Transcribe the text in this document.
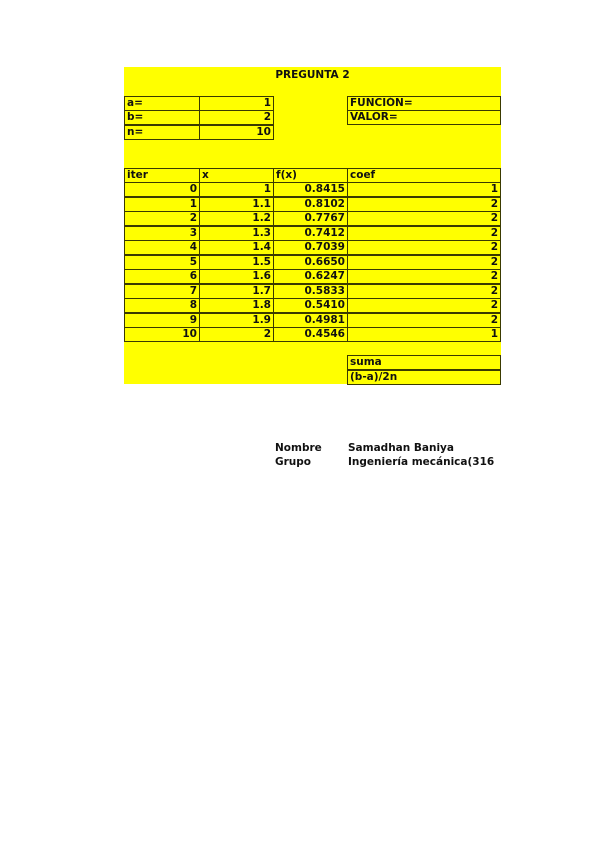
PREGUNTA 2
a=	1
b=	2
n=	10
FUNCIÓN=
VALOR=
iter	x	f(x)	coef
0	1	0.8415	1
1	1.1	0.8102	2
2	1.2	0.7767	2
3	1.3	0.7412	2
4	1.4	0.7039	2
5	1.5	0.6650	2
6	1.6	0.6247	2
7	1.7	0.5833	2
8	1.8	0.5410	2
9	1.9	0.4981	2
10	2	0.4546	1
suma
(b-a)/2n
Nombre Samadhan Baniya
Grupo	Ingeniería mecánica(316
